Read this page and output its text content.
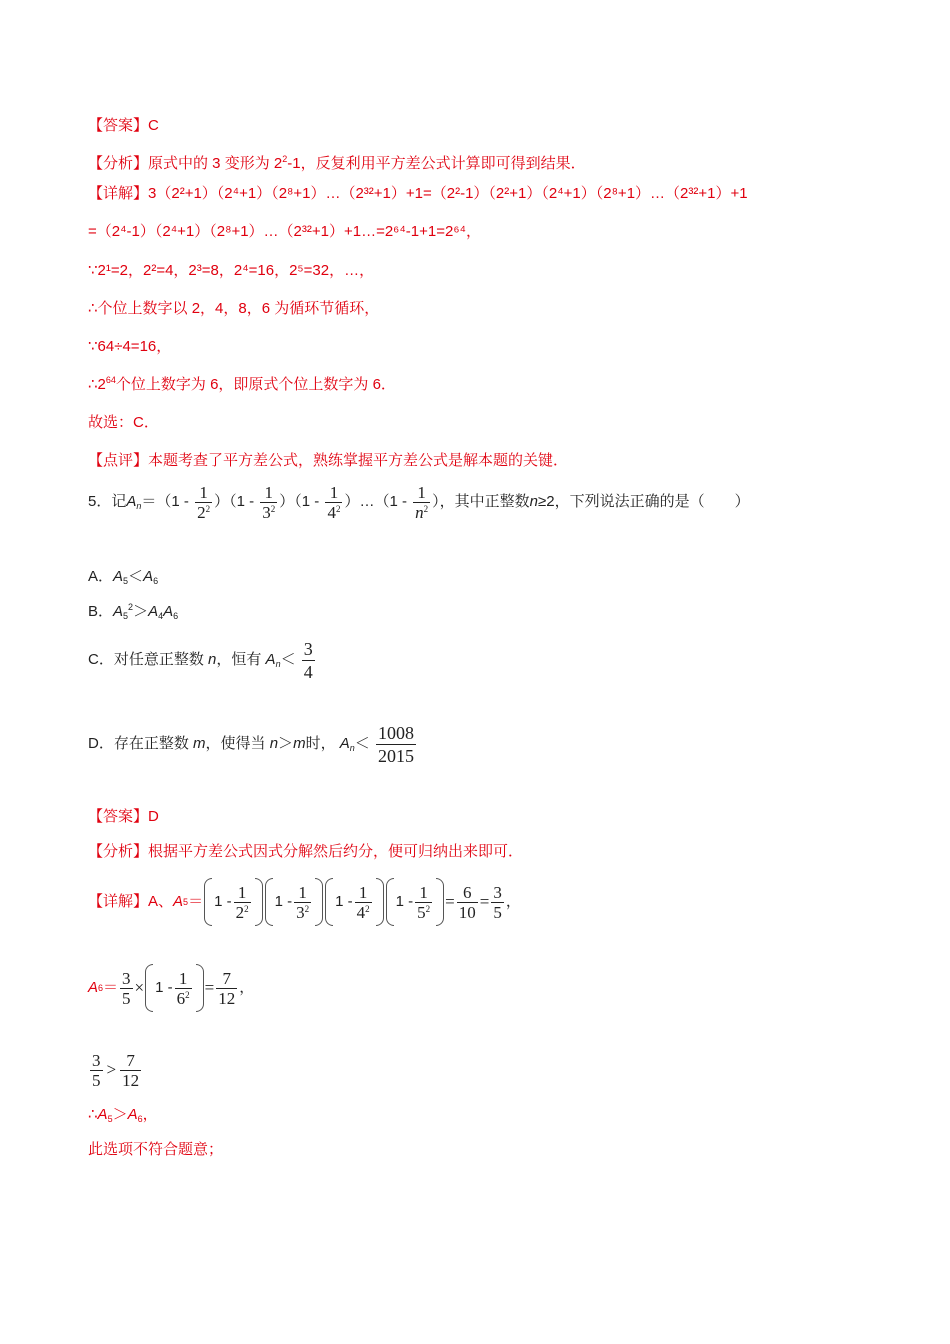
【答案】C
【分析】原式中的 3 变形为 $2^2-1$，反复利用平方差公式计算即可得到结果．
【详解】3（2²+1）（2⁴+1）（2⁸+1）…（2³²+1）+1=（2²-1）（2²+1）（2⁴+1）（2⁸+1）…（2³²+1）+1
=（2⁴-1）（2⁴+1）（2⁸+1）…（2³²+1）+1…=2⁶⁴-1+1=2⁶⁴，
∵2¹=2，2²=4，2³=8，2⁴=16，2⁵=32，…，
∴个位上数字以 2，4，8，6 为循环节循环，
∵64÷4=16，
$\therefore 2^{64}$个位上数字为 6，即原式个位上数字为 6．
故选：C．
【点评】本题考查了平方差公式，熟练掌握平方差公式是解本题的关键．
5．记$A_n=(1 - \frac{1}{2^2} )(1 - \frac{1}{3^2} )(1 - \frac{1}{4^2}$ ）…（1 - $\frac{1}{n^2}$ ），其中正整数n≥2，下列说法正确的是（　　）
A．$A_5<A_6$
B．$A_5^2>A_4A_6$
C．对任意正整数 n，恒有 $A_n< \frac{3}{4}$
D．存在正整数 m，使得当 n＞m时， $A_n< \frac{1008}{2015}$
【答案】D
【分析】根据平方差公式因式分解然后约分，便可归纳出来即可．
【详解】 A、 A $5 = 1 - \frac{1}{2^2} 1 - \frac{1}{3^2} 1 - \frac{1}{4^2} 1 - \frac{1}{5^2} = \frac{6}{10} = \frac{3}{5}$ ，
A $6 = \frac{3}{5} \times 1 - \frac{1}{6^2} = \frac{7}{12}$ ，
$\frac{3}{5} > \frac{7}{12}$
$\therefore A_5>A_6$，
此选项不符合题意；
